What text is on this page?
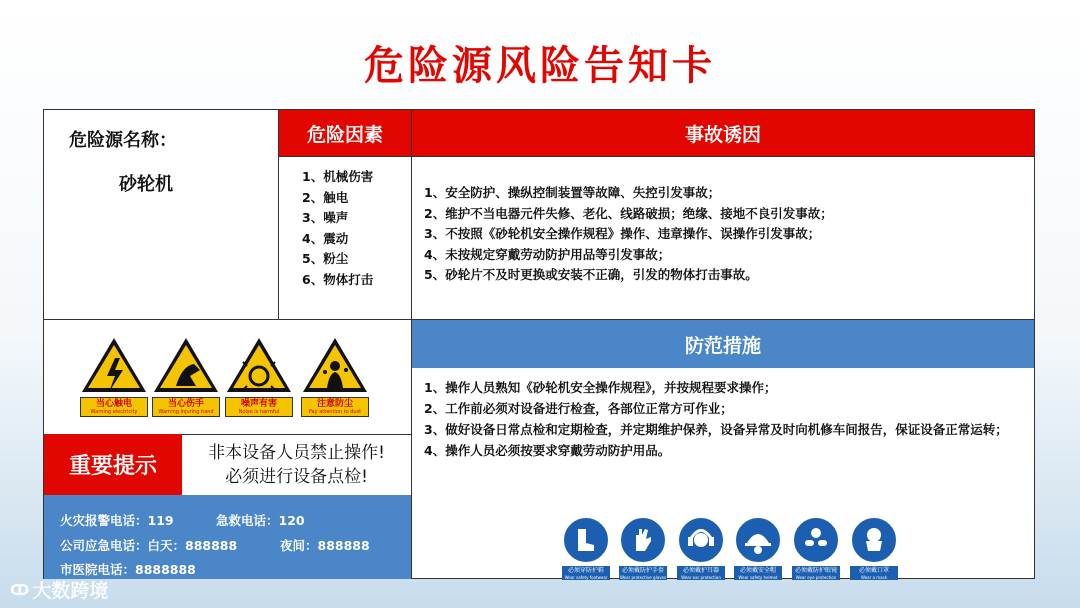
危险源风险告知卡
危险源名称：
砂轮机
危险因素
1、机械伤害
2、触电
3、噪声
4、震动
5、粉尘
6、物体打击
事故诱因
1、安全防护、操纵控制装置等故障、失控引发事故；
2、维护不当电器元件失修、老化、线路破损；绝缘、接地不良引发事故；
3、不按照《砂轮机安全操作规程》操作、违章操作、误操作引发事故；
4、未按规定穿戴劳动防护用品等引发事故；
5、砂轮片不及时更换或安装不正确，引发的物体打击事故。
当心触电
Warning electricity
当心伤手
Warning injuring hand
噪声有害
Noise is harmful
注意防尘
Pay attention to dust
重要提示
非本设备人员禁止操作!
必须进行设备点检!
火灾报警电话：119	急救电话：120
公司应急电话：白天：888888	夜间：888888
市医院电话：8888888
防范措施
1、操作人员熟知《砂轮机安全操作规程》，并按规程要求操作；
2、工作前必须对设备进行检查，各部位正常方可作业；
3、做好设备日常点检和定期检查，并定期维护保养，设备异常及时向机修车间报告，保证设备正常运转；
4、操作人员必须按要求穿戴劳动防护用品。
必须穿防护鞋
Wear safety footwear
必须戴防护手套
Wear protective gloves
必须戴护耳器
Wear ear protection
必须戴安全帽
Wear safety helmet
必须戴防护眼镜
Wear eye protection
必须戴口罩
Wear a mask
ↀ 大数跨境
